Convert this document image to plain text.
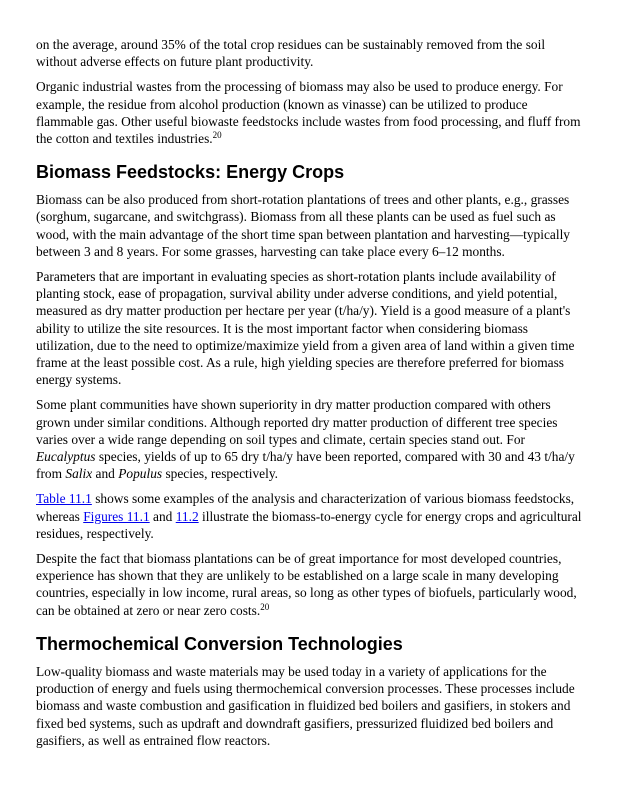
on the average, around 35% of the total crop residues can be sustainably removed from the soil without adverse effects on future plant productivity.

Organic industrial wastes from the processing of biomass may also be used to produce energy. For example, the residue from alcohol production (known as vinasse) can be utilized to produce flammable gas. Other useful biowaste feedstocks include wastes from food processing, and fluff from the cotton and textiles industries.$^{20}$

Biomass Feedstocks: Energy Crops

Biomass can be also produced from short-rotation plantations of trees and other plants, e.g., grasses (sorghum, sugarcane, and switchgrass). Biomass from all these plants can be used as fuel such as wood, with the main advantage of the short time span between plantation and harvesting—typically between 3 and 8 years. For some grasses, harvesting can take place every 6–12 months.

Parameters that are important in evaluating species as short-rotation plants include availability of planting stock, ease of propagation, survival ability under adverse conditions, and yield potential, measured as dry matter production per hectare per year (t/ha/y). Yield is a good measure of a plant's ability to utilize the site resources. It is the most important factor when considering biomass utilization, due to the need to optimize/maximize yield from a given area of land within a given time frame at the least possible cost. As a rule, high yielding species are therefore preferred for biomass energy systems.

Some plant communities have shown superiority in dry matter production compared with others grown under similar conditions. Although reported dry matter production of different tree species varies over a wide range depending on soil types and climate, certain species stand out. For Eucalyptus species, yields of up to 65 dry t/ha/y have been reported, compared with 30 and 43 t/ha/y from Salix and Populus species, respectively.

Table 11.1 shows some examples of the analysis and characterization of various biomass feedstocks, whereas Figures 11.1 and 11.2 illustrate the biomass-to-energy cycle for energy crops and agricultural residues, respectively.

Despite the fact that biomass plantations can be of great importance for most developed countries, experience has shown that they are unlikely to be established on a large scale in many developing countries, especially in low income, rural areas, so long as other types of biofuels, particularly wood, can be obtained at zero or near zero costs.$^{20}$

Thermochemical Conversion Technologies

Low-quality biomass and waste materials may be used today in a variety of applications for the production of energy and fuels using thermochemical conversion processes. These processes include biomass and waste combustion and gasification in fluidized bed boilers and gasifiers, in stokers and fixed bed systems, such as updraft and downdraft gasifiers, pressurized fluidized bed boilers and gasifiers, as well as entrained flow reactors.
